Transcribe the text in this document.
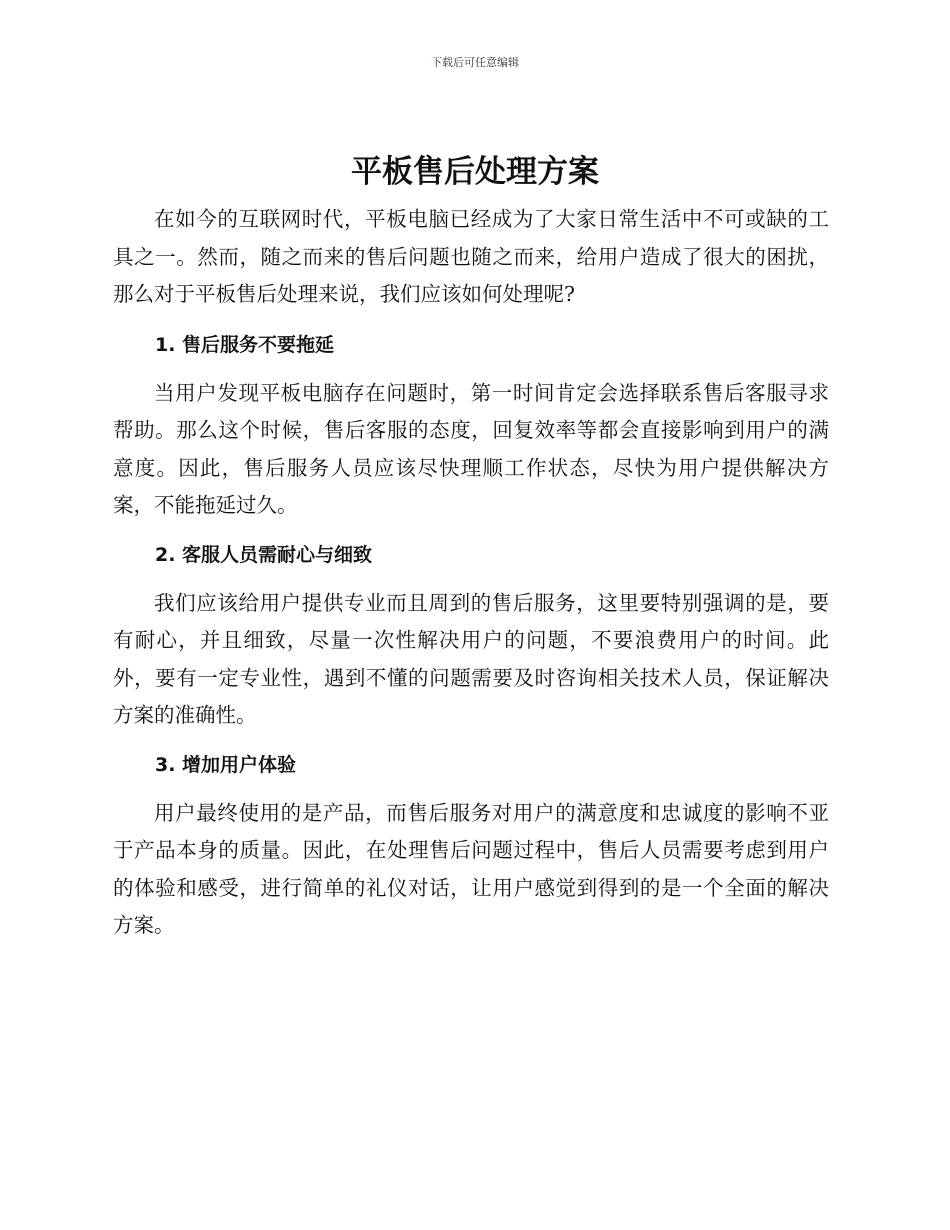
下载后可任意编辑
平板售后处理方案

在如今的互联网时代，平板电脑已经成为了大家日常生活中不可或缺的工具之一。然而，随之而来的售后问题也随之而来，给用户造成了很大的困扰，那么对于平板售后处理来说，我们应该如何处理呢?

1. 售后服务不要拖延

当用户发现平板电脑存在问题时，第一时间肯定会选择联系售后客服寻求帮助。那么这个时候，售后客服的态度，回复效率等都会直接影响到用户的满意度。因此，售后服务人员应该尽快理顺工作状态，尽快为用户提供解决方案，不能拖延过久。

2. 客服人员需耐心与细致

我们应该给用户提供专业而且周到的售后服务，这里要特别强调的是，要有耐心，并且细致，尽量一次性解决用户的问题，不要浪费用户的时间。此外，要有一定专业性，遇到不懂的问题需要及时咨询相关技术人员，保证解决方案的准确性。

3. 增加用户体验

用户最终使用的是产品，而售后服务对用户的满意度和忠诚度的影响不亚于产品本身的质量。因此，在处理售后问题过程中，售后人员需要考虑到用户的体验和感受，进行简单的礼仪对话，让用户感觉到得到的是一个全面的解决方案。
